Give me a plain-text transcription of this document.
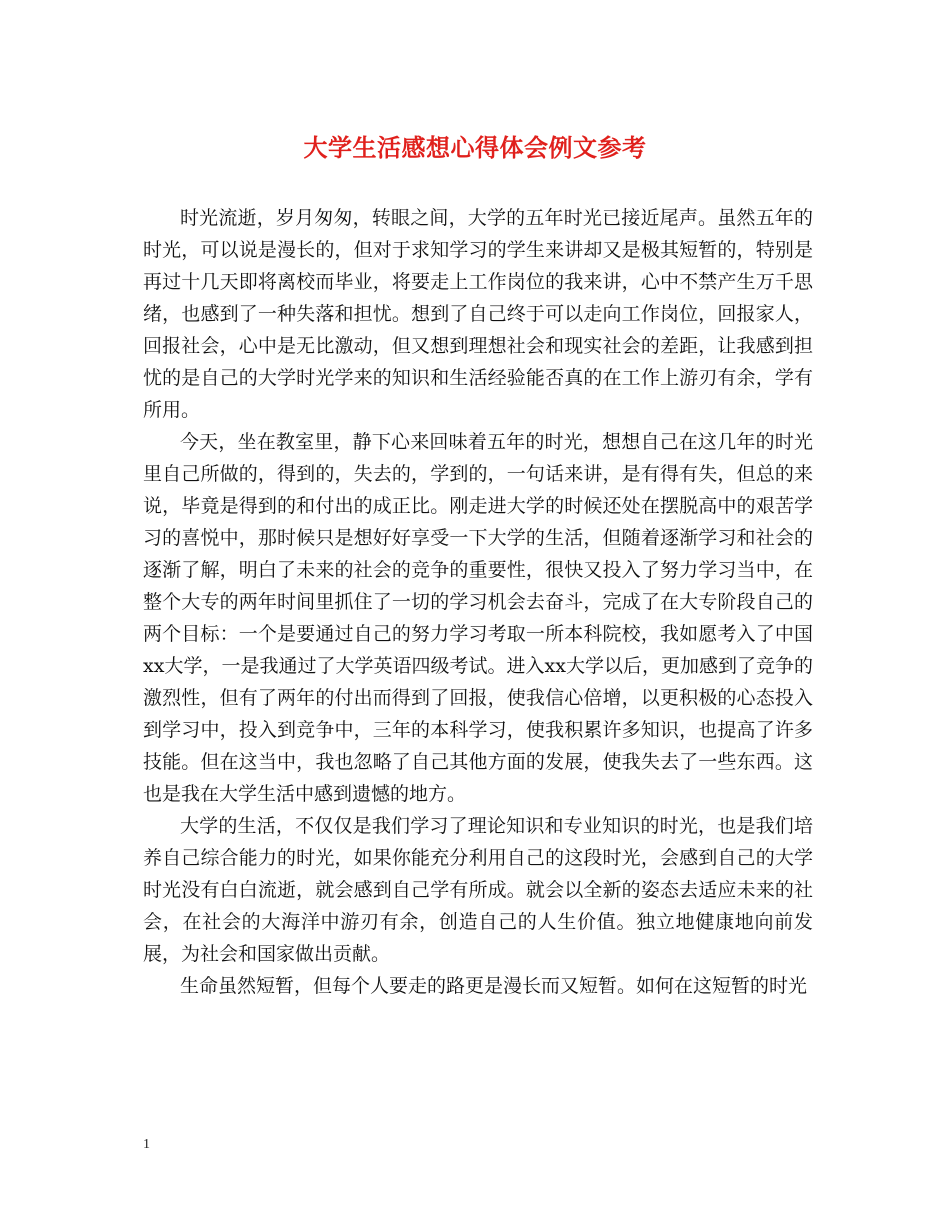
大学生活感想心得体会例文参考

时光流逝，岁月匆匆，转眼之间，大学的五年时光已接近尾声。虽然五年的时光，可以说是漫长的，但对于求知学习的学生来讲却又是极其短暂的，特别是再过十几天即将离校而毕业，将要走上工作岗位的我来讲，心中不禁产生万千思绪，也感到了一种失落和担忧。想到了自己终于可以走向工作岗位，回报家人，回报社会，心中是无比激动，但又想到理想社会和现实社会的差距，让我感到担忧的是自己的大学时光学来的知识和生活经验能否真的在工作上游刃有余，学有所用。

今天，坐在教室里，静下心来回味着五年的时光，想想自己在这几年的时光里自己所做的，得到的，失去的，学到的，一句话来讲，是有得有失，但总的来说，毕竟是得到的和付出的成正比。刚走进大学的时候还处在摆脱高中的艰苦学习的喜悦中，那时候只是想好好享受一下大学的生活，但随着逐渐学习和社会的逐渐了解，明白了未来的社会的竞争的重要性，很快又投入了努力学习当中，在整个大专的两年时间里抓住了一切的学习机会去奋斗，完成了在大专阶段自己的两个目标：一个是要通过自己的努力学习考取一所本科院校，我如愿考入了中国xx大学，一是我通过了大学英语四级考试。进入xx大学以后，更加感到了竞争的激烈性，但有了两年的付出而得到了回报，使我信心倍增，以更积极的心态投入到学习中，投入到竞争中，三年的本科学习，使我积累许多知识，也提高了许多技能。但在这当中，我也忽略了自己其他方面的发展，使我失去了一些东西。这也是我在大学生活中感到遗憾的地方。

大学的生活，不仅仅是我们学习了理论知识和专业知识的时光，也是我们培养自己综合能力的时光，如果你能充分利用自己的这段时光，会感到自己的大学时光没有白白流逝，就会感到自己学有所成。就会以全新的姿态去适应未来的社会，在社会的大海洋中游刃有余，创造自己的人生价值。独立地健康地向前发展，为社会和国家做出贡献。

生命虽然短暂，但每个人要走的路更是漫长而又短暂。如何在这短暂的时光

1
